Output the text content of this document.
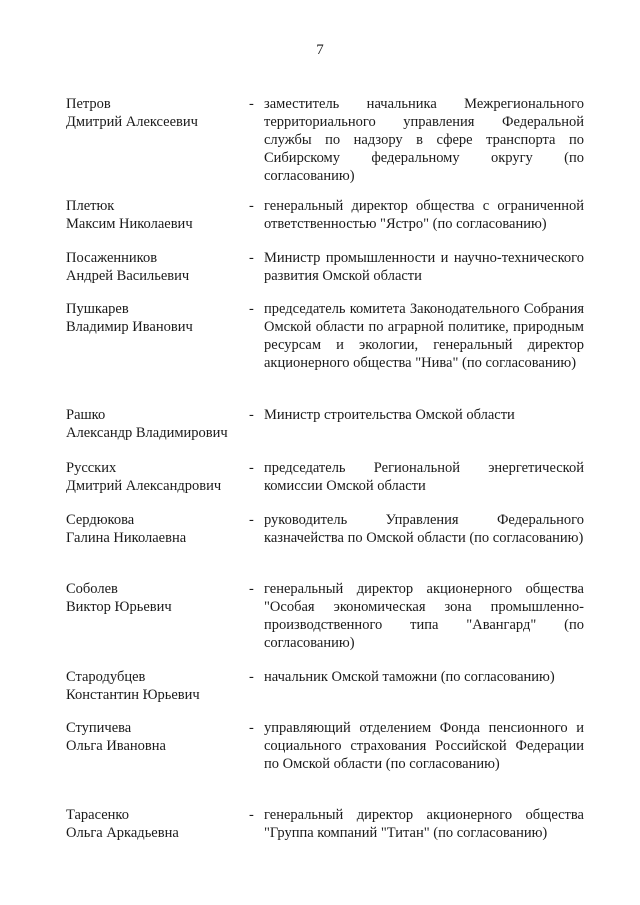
7
Петров
Дмитрий Алексеевич
- заместитель начальника Межрегионального территориального управления Федеральной службы по надзору в сфере транспорта по Сибирскому федеральному округу (по согласованию)
Плетюк
Максим Николаевич
- генеральный директор общества с ограниченной ответственностью "Ястро" (по согласованию)
Посаженников
Андрей Васильевич
- Министр промышленности и научно-технического развития Омской области
Пушкарев
Владимир Иванович
- председатель комитета Законодательного Собрания Омской области по аграрной политике, природным ресурсам и экологии, генеральный директор акционерного общества "Нива" (по согласованию)
Рашко
Александр Владимирович
- Министр строительства Омской области
Русских
Дмитрий Александрович
- председатель Региональной энергетической комиссии Омской области
Сердюкова
Галина Николаевна
- руководитель Управления Федерального казначейства по Омской области (по согласованию)
Соболев
Виктор Юрьевич
- генеральный директор акционерного общества "Особая экономическая зона промышленно-производственного типа "Авангард" (по согласованию)
Стародубцев
Константин Юрьевич
- начальник Омской таможни (по согласованию)
Ступичева
Ольга Ивановна
- управляющий отделением Фонда пенсионного и социального страхования Российской Федерации по Омской области (по согласованию)
Тарасенко
Ольга Аркадьевна
- генеральный директор акционерного общества "Группа компаний "Титан" (по согласованию)
